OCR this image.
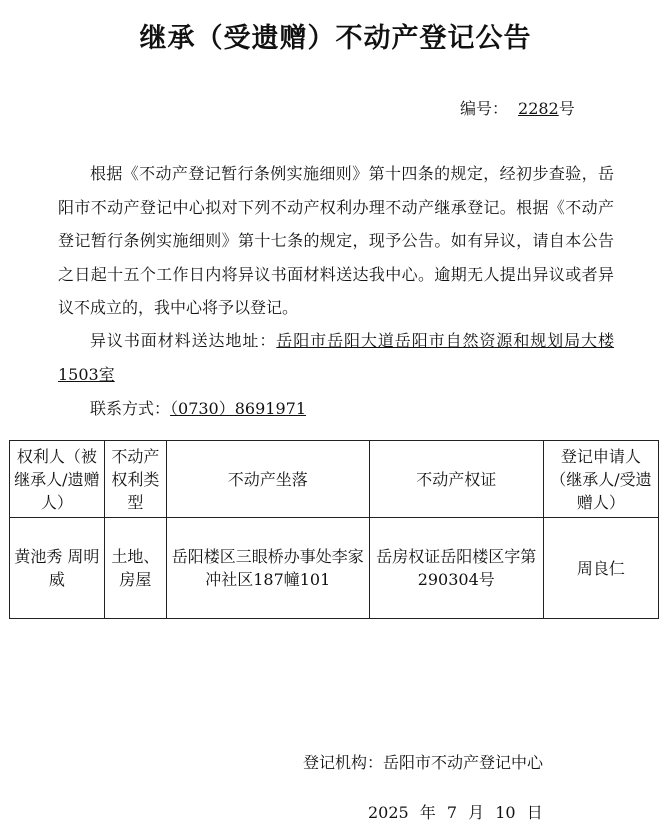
继承（受遗赠）不动产登记公告
编号： 2282号
根据《不动产登记暂行条例实施细则》第十四条的规定，经初步查验，岳阳市不动产登记中心拟对下列不动产权利办理不动产继承登记。根据《不动产登记暂行条例实施细则》第十七条的规定，现予公告。如有异议，请自本公告之日起十五个工作日内将异议书面材料送达我中心。逾期无人提出异议或者异议不成立的，我中心将予以登记。
异议书面材料送达地址：岳阳市岳阳大道岳阳市自然资源和规划局大楼1503室
联系方式：（0730）8691971
权利人（被继承人/遗赠人）	不动产权利类型	不动产坐落	不动产权证	登记申请人（继承人/受遗赠人）
黄池秀 周明威	土地、房屋	岳阳楼区三眼桥办事处李家冲社区187幢101	岳房权证岳阳楼区字第290304号	周良仁
登记机构：岳阳市不动产登记中心
2025 年 7 月 10 日
